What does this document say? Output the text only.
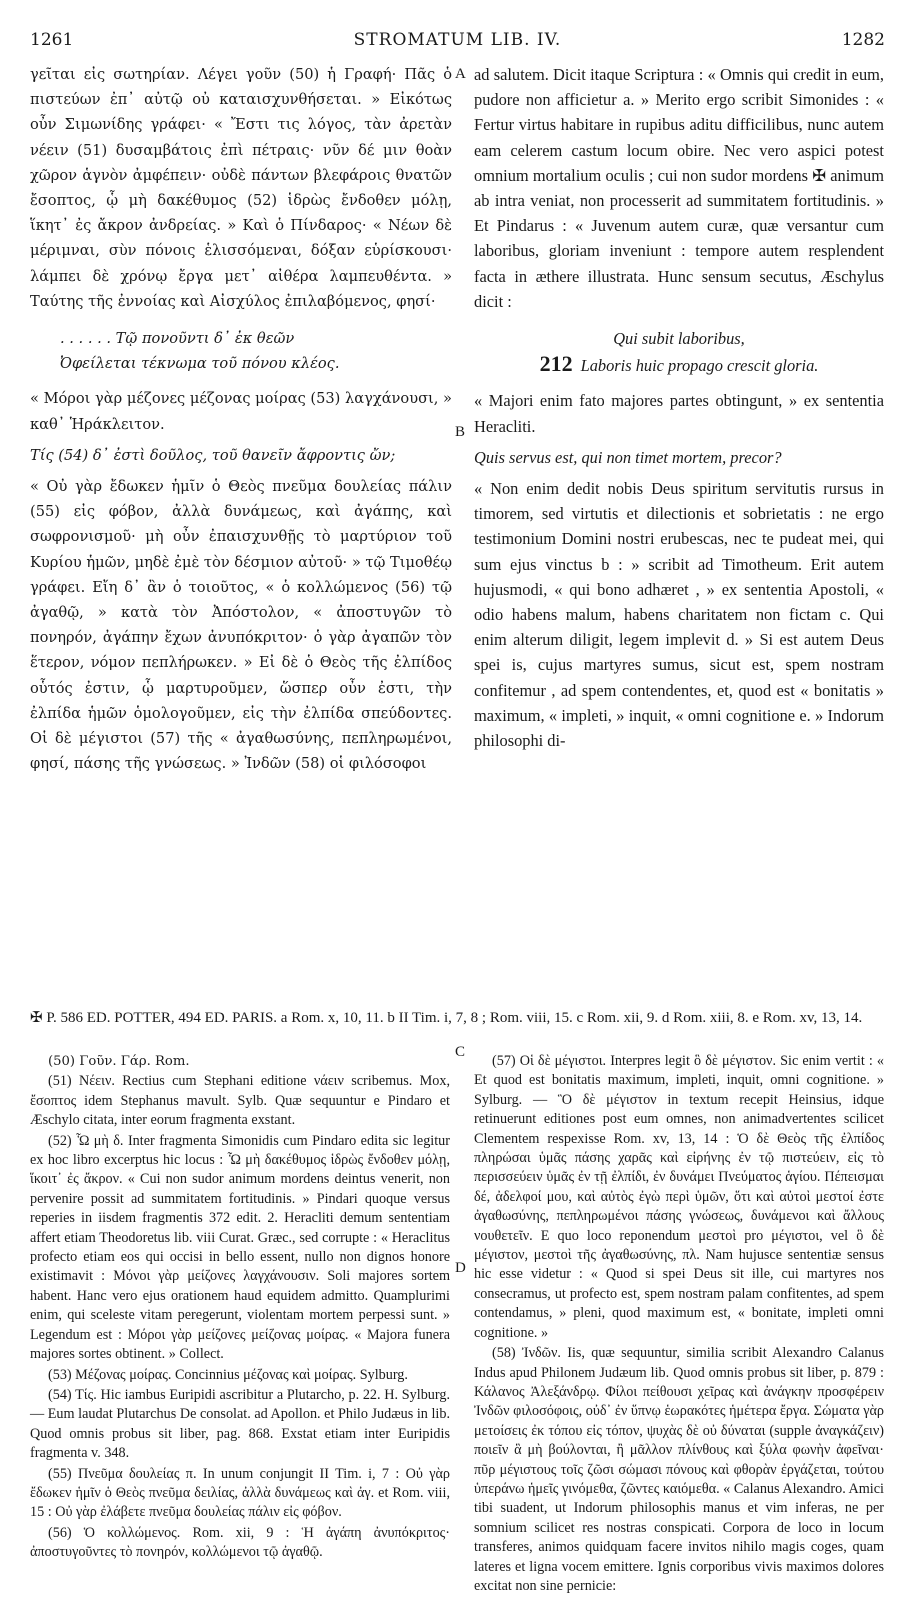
1261	STROMATUM LIB. IV.	1282

γεῖται εἰς σωτηρίαν. Λέγει γοῦν (50) ἡ Γραφή· Πᾶς ὁ πιστεύων ἐπ᾽ αὐτῷ οὐ καταισχυνθήσεται. » Εἰκότως οὖν Σιμωνίδης γράφει· « Ἔστι τις λόγος, τὰν ἀρετὰν νέειν (51) δυσαμβάτοις ἐπὶ πέτραις· νῦν δέ μιν θοὰν χῶρον ἁγνὸν ἀμφέπειν· οὐδὲ πάντων βλεφάροις θνατῶν ἔσοπτος, ᾧ μὴ δακέθυμος (52) ἱδρὼς ἔνδοθεν μόλῃ, ἵκητ᾽ ἐς ἄκρον ἀνδρείας. » Καὶ ὁ Πίνδαρος· « Νέων δὲ μέριμναι, σὺν πόνοις ἑλισσόμεναι, δόξαν εὑρίσκουσι· λάμπει δὲ χρόνῳ ἔργα μετ᾽ αἰθέρα λαμπευθέντα. » Ταύτης τῆς ἐννοίας καὶ Αἰσχύλος ἐπιλαβόμενος, φησί·

. . . . . . Τῷ πονοῦντι δ᾽ ἐκ θεῶν
Ὀφείλεται τέκνωμα τοῦ πόνου κλέος.

« Μόροι γὰρ μέζονες μέζονας μοίρας (53) λαγχάνουσι, » καθ᾽ Ἡράκλειτον.

Τίς (54) δ᾽ ἐστὶ δοῦλος, τοῦ θανεῖν ἄφροντις ὤν;

« Οὐ γὰρ ἔδωκεν ἡμῖν ὁ Θεὸς πνεῦμα δουλείας πάλιν (55) εἰς φόβον, ἀλλὰ δυνάμεως, καὶ ἀγάπης, καὶ σωφρονισμοῦ· μὴ οὖν ἐπαισχυνθῇς τὸ μαρτύριον τοῦ Κυρίου ἡμῶν, μηδὲ ἐμὲ τὸν δέσμιον αὐτοῦ· » τῷ Τιμοθέῳ γράφει. Εἴη δ᾽ ἂν ὁ τοιοῦτος, « ὁ κολλώμενος (56) τῷ ἀγαθῷ, » κατὰ τὸν Ἀπόστολον, « ἀποστυγῶν τὸ πονηρόν, ἀγάπην ἔχων ἀνυπόκριτον· ὁ γὰρ ἀγαπῶν τὸν ἕτερον, νόμον πεπλήρωκεν. » Εἰ δὲ ὁ Θεὸς τῆς ἐλπίδος οὗτός ἐστιν, ᾧ μαρτυροῦμεν, ὥσπερ οὖν ἐστι, τὴν ἐλπίδα ἡμῶν ὁμολογοῦμεν, εἰς τὴν ἐλπίδα σπεύδοντες. Οἱ δὲ μέγιστοι (57) τῆς « ἀγαθωσύνης, πεπληρωμένοι, φησί, πάσης τῆς γνώσεως. » Ἰνδῶν (58) οἱ φιλόσοφοι

ad salutem. Dicit itaque Scriptura : « Omnis qui credit in eum, pudore non afficietur a. » Merito ergo scribit Simonides : « Fertur virtus habitare in rupibus aditu difficilibus, nunc autem eam celerem castum locum obire. Nec vero aspici potest omnium mortalium oculis ; cui non sudor mordens ✠ animum ab intra veniat, non processerit ad summitatem fortitudinis. » Et Pindarus : « Juvenum autem curæ, quæ versantur cum laboribus, gloriam inveniunt : tempore autem resplendent facta in æthere illustrata. Hunc sensum secutus, Æschylus dicit :

Qui subit laboribus,
212 Laboris huic propago crescit gloria.

« Majori enim fato majores partes obtingunt, » ex sententia Heracliti.

Quis servus est, qui non timet mortem, precor?

« Non enim dedit nobis Deus spiritum servitutis rursus in timorem, sed virtutis et dilectionis et sobrietatis : ne ergo testimonium Domini nostri erubescas, nec te pudeat mei, qui sum ejus vinctus b : » scribit ad Timotheum. Erit autem hujusmodi, « qui bono adhæret , » ex sententia Apostoli, « odio habens malum, habens charitatem non fictam c. Qui enim alterum diligit, legem implevit d. » Si est autem Deus spei is, cujus martyres sumus, sicut est, spem nostram confitemur , ad spem contendentes, et, quod est « bonitatis » maximum, « impleti, » inquit, « omni cognitione e. » Indorum philosophi di-

A
B
C
D
✠ P. 586 ED. POTTER, 494 ED. PARIS. a Rom. x, 10, 11. b II Tim. i, 7, 8 ; Rom. viii, 15. c Rom. xii, 9. d Rom. xiii, 8. e Rom. xv, 13, 14.

(50) Γοῦν. Γάρ. Rom.

(51) Νέειν. Rectius cum Stephani editione νάειν scribemus. Mox, ἔσοπτος idem Stephanus mavult. Sylb. Quæ sequuntur e Pindaro et Æschylo citata, inter eorum fragmenta exstant.

(52) Ὧ μὴ δ. Inter fragmenta Simonidis cum Pindaro edita sic legitur ex hoc libro excerptus hic locus : Ὧ μὴ δακέθυμος ἱδρὼς ἔνδοθεν μόλῃ, ἵκοιτ᾽ ἐς ἄκρον. « Cui non sudor animum mordens deintus venerit, non pervenire possit ad summitatem fortitudinis. » Pindari quoque versus reperies in iisdem fragmentis 372 edit. 2. Heracliti demum sententiam affert etiam Theodoretus lib. viii Curat. Græc., sed corrupte : « Heraclitus profecto etiam eos qui occisi in bello essent, nullo non dignos honore existimavit : Μόνοι γὰρ μείζονες λαγχάνουσιν. Soli majores sortem habent. Hanc vero ejus orationem haud equidem admitto. Quamplurimi enim, qui sceleste vitam peregerunt, violentam mortem perpessi sunt. » Legendum est : Μόροι γὰρ μείζονες μείζονας μοίρας. « Majora funera majores sortes obtinent. » Collect.

(53) Μέζονας μοίρας. Concinnius μέζονας καὶ μοίρας. Sylburg.

(54) Τίς. Hic iambus Euripidi ascribitur a Plutarcho, p. 22. H. Sylburg. — Eum laudat Plutarchus De consolat. ad Apollon. et Philo Judæus in lib. Quod omnis probus sit liber, pag. 868. Exstat etiam inter Euripidis fragmenta v. 348.

(55) Πνεῦμα δουλείας π. In unum conjungit II Tim. i, 7 : Οὐ γὰρ ἔδωκεν ἡμῖν ὁ Θεὸς πνεῦμα δειλίας, ἀλλὰ δυνάμεως καὶ ἀγ. et Rom. viii, 15 : Οὐ γὰρ ἐλάβετε πνεῦμα δουλείας πάλιν εἰς φόβον.

(56) Ὁ κολλώμενος. Rom. xii, 9 : Ἡ ἀγάπη ἀνυπόκριτος· ἀποστυγοῦντες τὸ πονηρόν, κολλώμενοι τῷ ἀγαθῷ.

(57) Οἱ δὲ μέγιστοι. Interpres legit ὃ δὲ μέγιστον. Sic enim vertit : « Et quod est bonitatis maximum, impleti, inquit, omni cognitione. » Sylburg. — Ὃ δὲ μέγιστον in textum recepit Heinsius, idque retinuerunt editiones post eum omnes, non animadvertentes scilicet Clementem respexisse Rom. xv, 13, 14 : Ὁ δὲ Θεὸς τῆς ἐλπίδος πληρώσαι ὑμᾶς πάσης χαρᾶς καὶ εἰρήνης ἐν τῷ πιστεύειν, εἰς τὸ περισσεύειν ὑμᾶς ἐν τῇ ἐλπίδι, ἐν δυνάμει Πνεύματος ἁγίου. Πέπεισμαι δέ, ἀδελφοί μου, καὶ αὐτὸς ἐγὼ περὶ ὑμῶν, ὅτι καὶ αὐτοὶ μεστοί ἐστε ἀγαθωσύνης, πεπληρωμένοι πάσης γνώσεως, δυνάμενοι καὶ ἄλλους νουθετεῖν. E quo loco reponendum μεστοὶ pro μέγιστοι, vel ὃ δὲ μέγιστον, μεστοὶ τῆς ἀγαθωσύνης, πλ. Nam hujusce sententiæ sensus hic esse videtur : « Quod si spei Deus sit ille, cui martyres nos consecramus, ut profecto est, spem nostram palam confitentes, ad spem contendamus, » pleni, quod maximum est, « bonitate, impleti omni cognitione. »

(58) Ἰνδῶν. Iis, quæ sequuntur, similia scribit Alexandro Calanus Indus apud Philonem Judæum lib. Quod omnis probus sit liber, p. 879 : Κάλανος Ἀλεξάνδρῳ. Φίλοι πείθουσι χεῖρας καὶ ἀνάγκην προσφέρειν Ἰνδῶν φιλοσόφοις, οὐδ᾽ ἐν ὕπνῳ ἑωρακότες ἡμέτερα ἔργα. Σώματα γὰρ μετοίσεις ἐκ τόπου εἰς τόπον, ψυχὰς δὲ οὐ δύναται (supple ἀναγκάζειν) ποιεῖν ἃ μὴ βούλονται, ἢ μᾶλλον πλίνθους καὶ ξύλα φωνὴν ἀφεῖναι· πῦρ μέγιστους τοῖς ζῶσι σώμασι πόνους καὶ φθορὰν ἐργάζεται, τούτου ὑπεράνω ἡμεῖς γινόμεθα, ζῶντες καιόμεθα. « Calanus Alexandro. Amici tibi suadent, ut Indorum philosophis manus et vim inferas, ne per somnium scilicet res nostras conspicati. Corpora de loco in locum transferes, animos quidquam facere invitos nihilo magis coges, quam lateres et ligna vocem emittere. Ignis corporibus vivis maximos dolores excitat non sine pernicie:
